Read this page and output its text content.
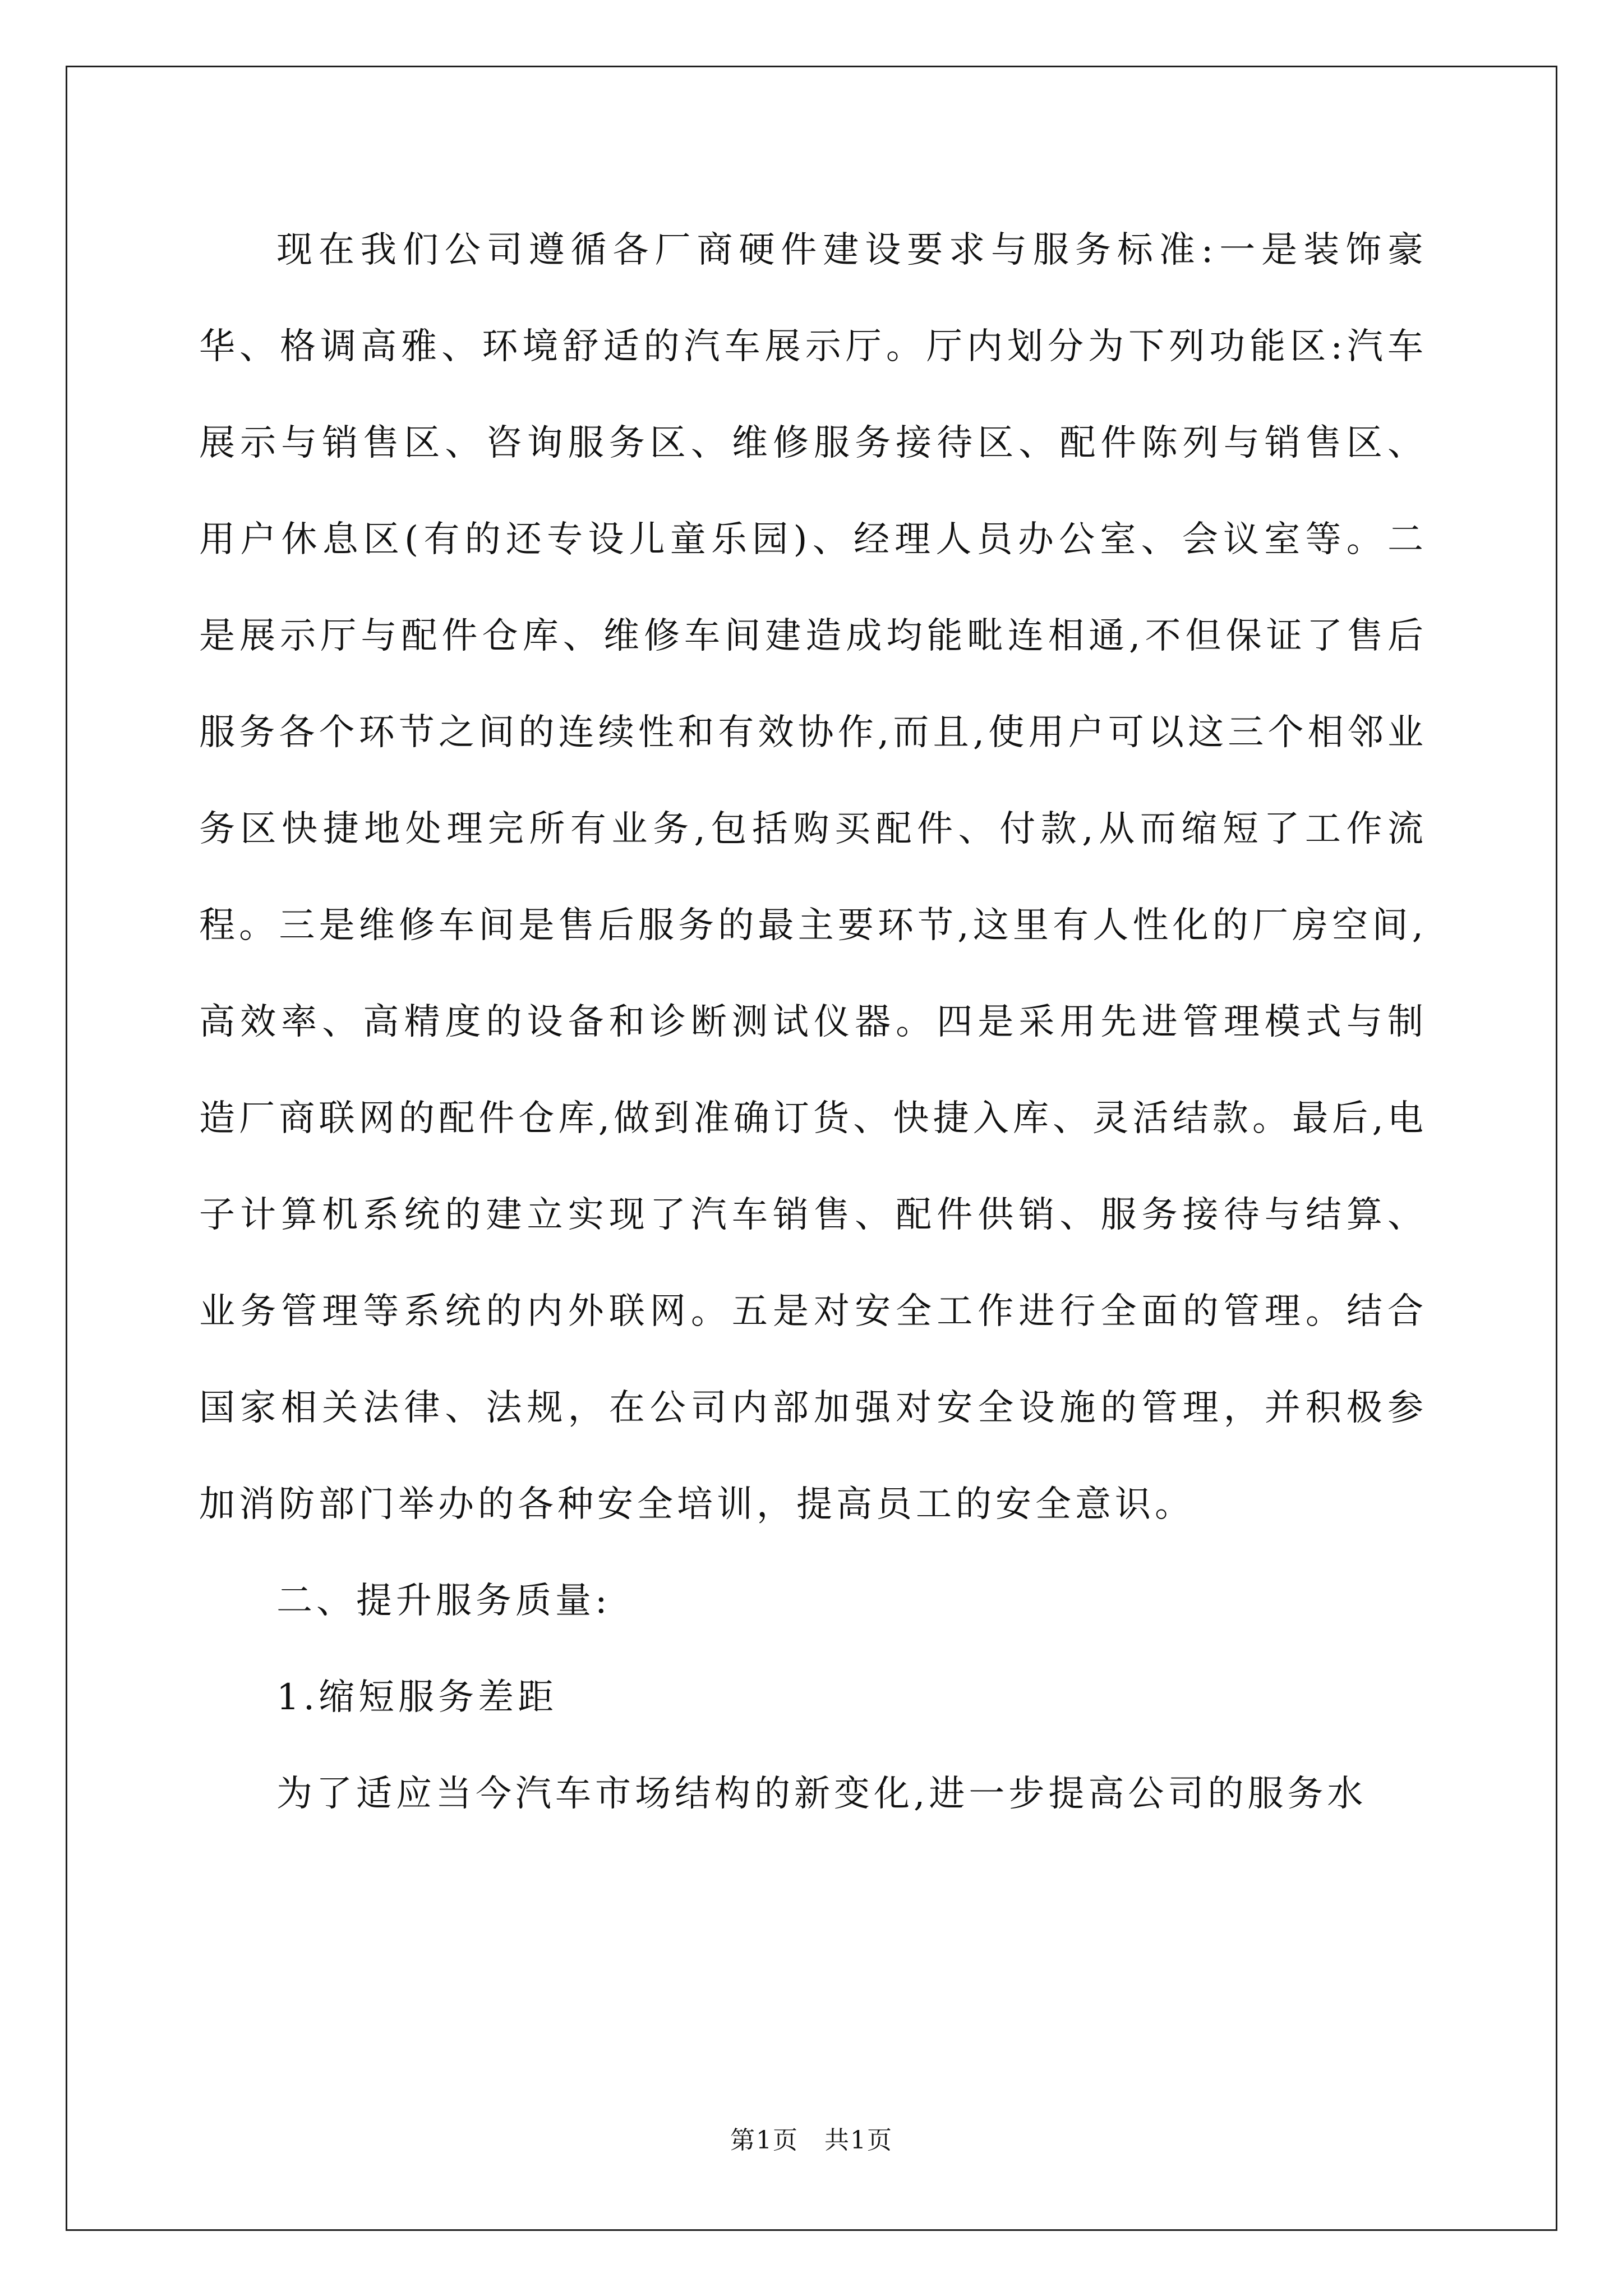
现在我们公司遵循各厂商硬件建设要求与服务标准:一是装饰豪华、格调高雅、环境舒适的汽车展示厅。厅内划分为下列功能区:汽车展示与销售区、咨询服务区、维修服务接待区、配件陈列与销售区、用户休息区(有的还专设儿童乐园)、经理人员办公室、会议室等。二是展示厅与配件仓库、维修车间建造成均能毗连相通,不但保证了售后服务各个环节之间的连续性和有效协作,而且,使用户可以这三个相邻业务区快捷地处理完所有业务,包括购买配件、付款,从而缩短了工作流程。三是维修车间是售后服务的最主要环节,这里有人性化的厂房空间,高效率、高精度的设备和诊断测试仪器。四是采用先进管理模式与制造厂商联网的配件仓库,做到准确订货、快捷入库、灵活结款。最后,电子计算机系统的建立实现了汽车销售、配件供销、服务接待与结算、业务管理等系统的内外联网。五是对安全工作进行全面的管理。结合国家相关法律、法规，在公司内部加强对安全设施的管理，并积极参加消防部门举办的各种安全培训，提高员工的安全意识。

二、提升服务质量:

1.缩短服务差距

为了适应当今汽车市场结构的新变化,进一步提高公司的服务水

第1页　共1页
